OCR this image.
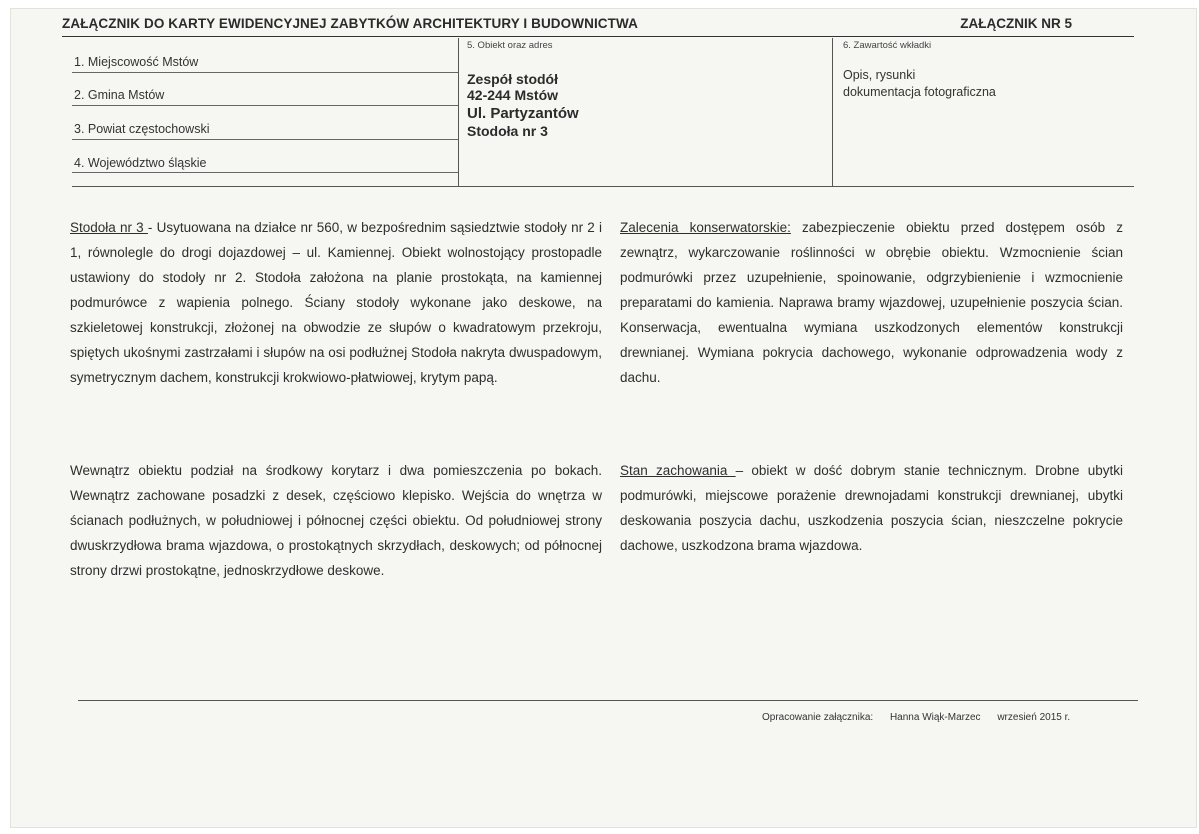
ZAŁĄCZNIK DO KARTY EWIDENCYJNEJ ZABYTKÓW ARCHITEKTURY I BUDOWNICTWA	ZAŁĄCZNIK NR 5
1. Miejscowość Mstów
2. Gmina Mstów
3. Powiat częstochowski
4. Województwo śląskie
5. Obiekt oraz adres
Zespół stodół
42-244 Mstów
Ul. Partyzantów
Stodoła nr 3
6. Zawartość wkładki
Opis, rysunki
dokumentacja fotograficzna
Stodoła nr 3 - Usytuowana na działce nr 560, w bezpośrednim sąsiedztwie stodoły nr 2 i 1, równolegle do drogi dojazdowej – ul. Kamiennej. Obiekt wolnostojący prostopadle ustawiony do stodoły nr 2. Stodoła założona na planie prostokąta, na kamiennej podmurówce z wapienia polnego. Ściany stodoły wykonane jako deskowe, na szkieletowej konstrukcji, złożonej na obwodzie ze słupów o kwadratowym przekroju, spiętych ukośnymi zastrzałami i słupów na osi podłużnej Stodoła nakryta dwuspadowym, symetrycznym dachem, konstrukcji krokwiowo-płatwiowej, krytym papą.
Wewnątrz obiektu podział na środkowy korytarz i dwa pomieszczenia po bokach. Wewnątrz zachowane posadzki z desek, częściowo klepisko. Wejścia do wnętrza w ścianach podłużnych, w południowej i północnej części obiektu. Od południowej strony dwuskrzydłowa brama wjazdowa, o prostokątnych skrzydłach, deskowych; od północnej strony drzwi prostokątne, jednoskrzydłowe deskowe.
Zalecenia konserwatorskie: zabezpieczenie obiektu przed dostępem osób z zewnątrz, wykarczowanie roślinności w obrębie obiektu. Wzmocnienie ścian podmurówki przez uzupełnienie, spoinowanie, odgrzybienienie i wzmocnienie preparatami do kamienia. Naprawa bramy wjazdowej, uzupełnienie poszycia ścian. Konserwacja, ewentualna wymiana uszkodzonych elementów konstrukcji drewnianej. Wymiana pokrycia dachowego, wykonanie odprowadzenia wody z dachu.
Stan zachowania – obiekt w dość dobrym stanie technicznym. Drobne ubytki podmurówki, miejscowe porażenie drewnojadami konstrukcji drewnianej, ubytki deskowania poszycia dachu, uszkodzenia poszycia ścian, nieszczelne pokrycie dachowe, uszkodzona brama wjazdowa.
Opracowanie załącznika: Hanna Wiąk-Marzec wrzesień 2015 r.
